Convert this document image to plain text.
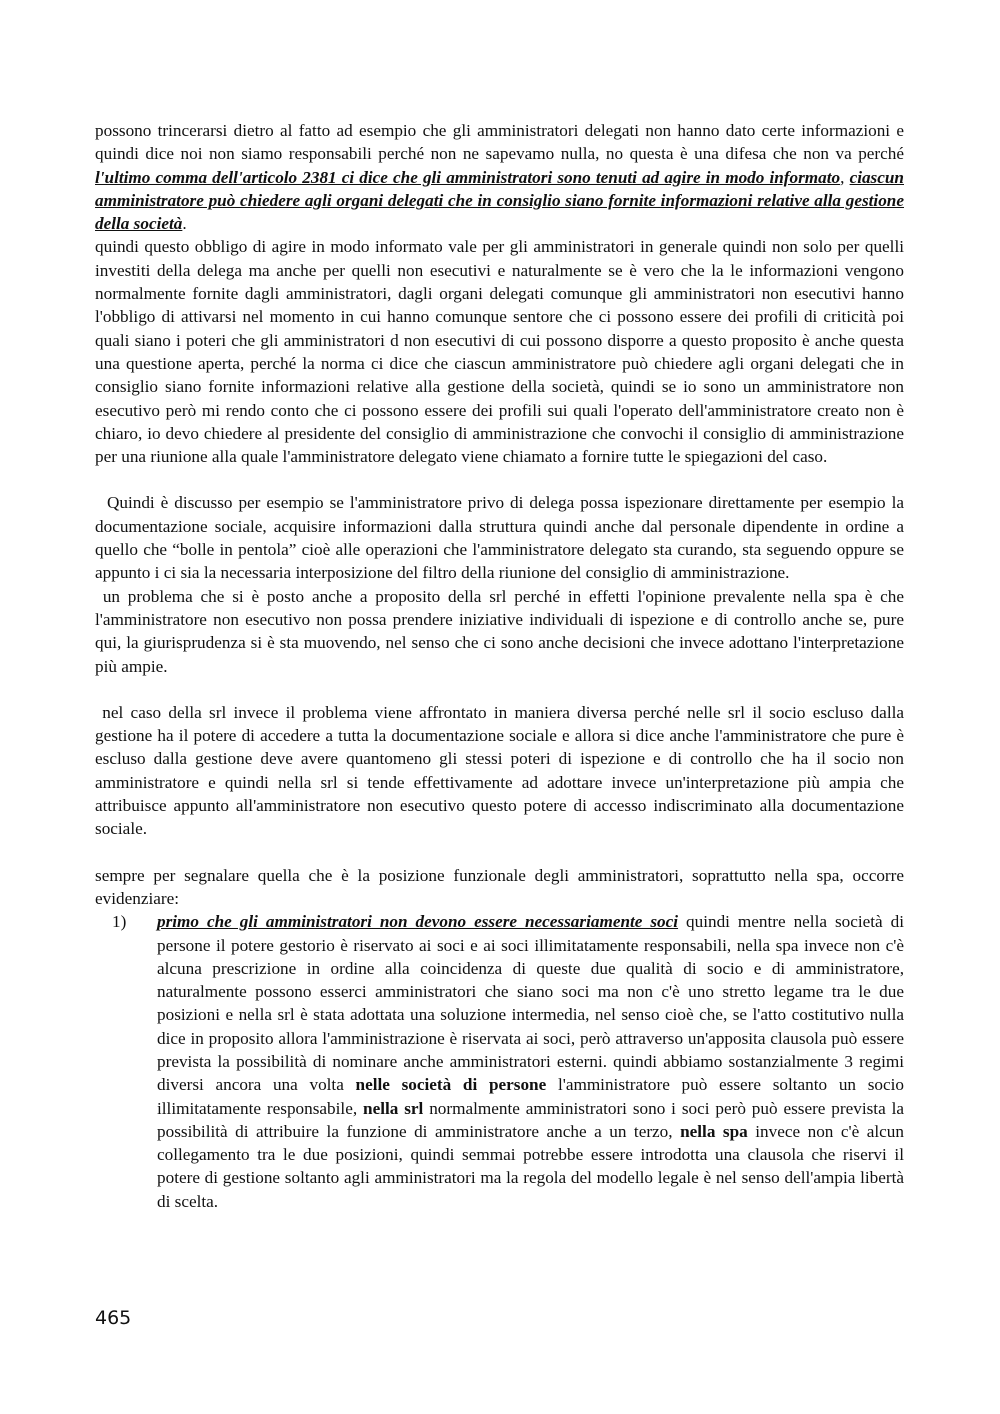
possono trincerarsi dietro al fatto ad esempio che gli amministratori delegati non hanno dato certe informazioni e quindi dice noi non siamo responsabili perché non ne sapevamo nulla, no questa è una difesa che non va perché l'ultimo comma dell'articolo 2381 ci dice che gli amministratori sono tenuti ad agire in modo informato, ciascun amministratore può chiedere agli organi delegati che in consiglio siano fornite informazioni relative alla gestione della società.

quindi questo obbligo di agire in modo informato vale per gli amministratori in generale quindi non solo per quelli investiti della delega ma anche per quelli non esecutivi e naturalmente se è vero che la le informazioni vengono normalmente fornite dagli amministratori, dagli organi delegati comunque gli amministratori non esecutivi hanno l'obbligo di attivarsi nel momento in cui hanno comunque sentore che ci possono essere dei profili di criticità poi quali siano i poteri che gli amministratori d non esecutivi di cui possono disporre a questo proposito è anche questa una questione aperta, perché la norma ci dice che ciascun amministratore può chiedere agli organi delegati che in consiglio siano fornite informazioni relative alla gestione della società, quindi se io sono un amministratore non esecutivo però mi rendo conto che ci possono essere dei profili sui quali l'operato dell'amministratore creato non è chiaro, io devo chiedere al presidente del consiglio di amministrazione che convochi il consiglio di amministrazione per una riunione alla quale l'amministratore delegato viene chiamato a fornire tutte le spiegazioni del caso.

Quindi è discusso per esempio se l'amministratore privo di delega possa ispezionare direttamente per esempio la documentazione sociale, acquisire informazioni dalla struttura quindi anche dal personale dipendente in ordine a quello che “bolle in pentola” cioè alle operazioni che l'amministratore delegato sta curando, sta seguendo oppure se appunto i ci sia la necessaria interposizione del filtro della riunione del consiglio di amministrazione.

un problema che si è posto anche a proposito della srl perché in effetti l'opinione prevalente nella spa è che l'amministratore non esecutivo non possa prendere iniziative individuali di ispezione e di controllo anche se, pure qui, la giurisprudenza si è sta muovendo, nel senso che ci sono anche decisioni che invece adottano l'interpretazione più ampie.

nel caso della srl invece il problema viene affrontato in maniera diversa perché nelle srl il socio escluso dalla gestione ha il potere di accedere a tutta la documentazione sociale e allora si dice anche l'amministratore che pure è escluso dalla gestione deve avere quantomeno gli stessi poteri di ispezione e di controllo che ha il socio non amministratore e quindi nella srl si tende effettivamente ad adottare invece un'interpretazione più ampia che attribuisce appunto all'amministratore non esecutivo questo potere di accesso indiscriminato alla documentazione sociale.

sempre per segnalare quella che è la posizione funzionale degli amministratori, soprattutto nella spa, occorre evidenziare:

1)	primo che gli amministratori non devono essere necessariamente soci quindi mentre nella società di persone il potere gestorio è riservato ai soci e ai soci illimitatamente responsabili, nella spa invece non c'è alcuna prescrizione in ordine alla coincidenza di queste due qualità di socio e di amministratore, naturalmente possono esserci amministratori che siano soci ma non c'è uno stretto legame tra le due posizioni e nella srl è stata adottata una soluzione intermedia, nel senso cioè che, se l'atto costitutivo nulla dice in proposito allora l'amministrazione è riservata ai soci, però attraverso un'apposita clausola può essere prevista la possibilità di nominare anche amministratori esterni. quindi abbiamo sostanzialmente 3 regimi diversi ancora una volta nelle società di persone l'amministratore può essere soltanto un socio illimitatamente responsabile, nella srl normalmente amministratori sono i soci però può essere prevista la possibilità di attribuire la funzione di amministratore anche a un terzo, nella spa invece non c'è alcun collegamento tra le due posizioni, quindi semmai potrebbe essere introdotta una clausola che riservi il potere di gestione soltanto agli amministratori ma la regola del modello legale è nel senso dell'ampia libertà di scelta.
465
